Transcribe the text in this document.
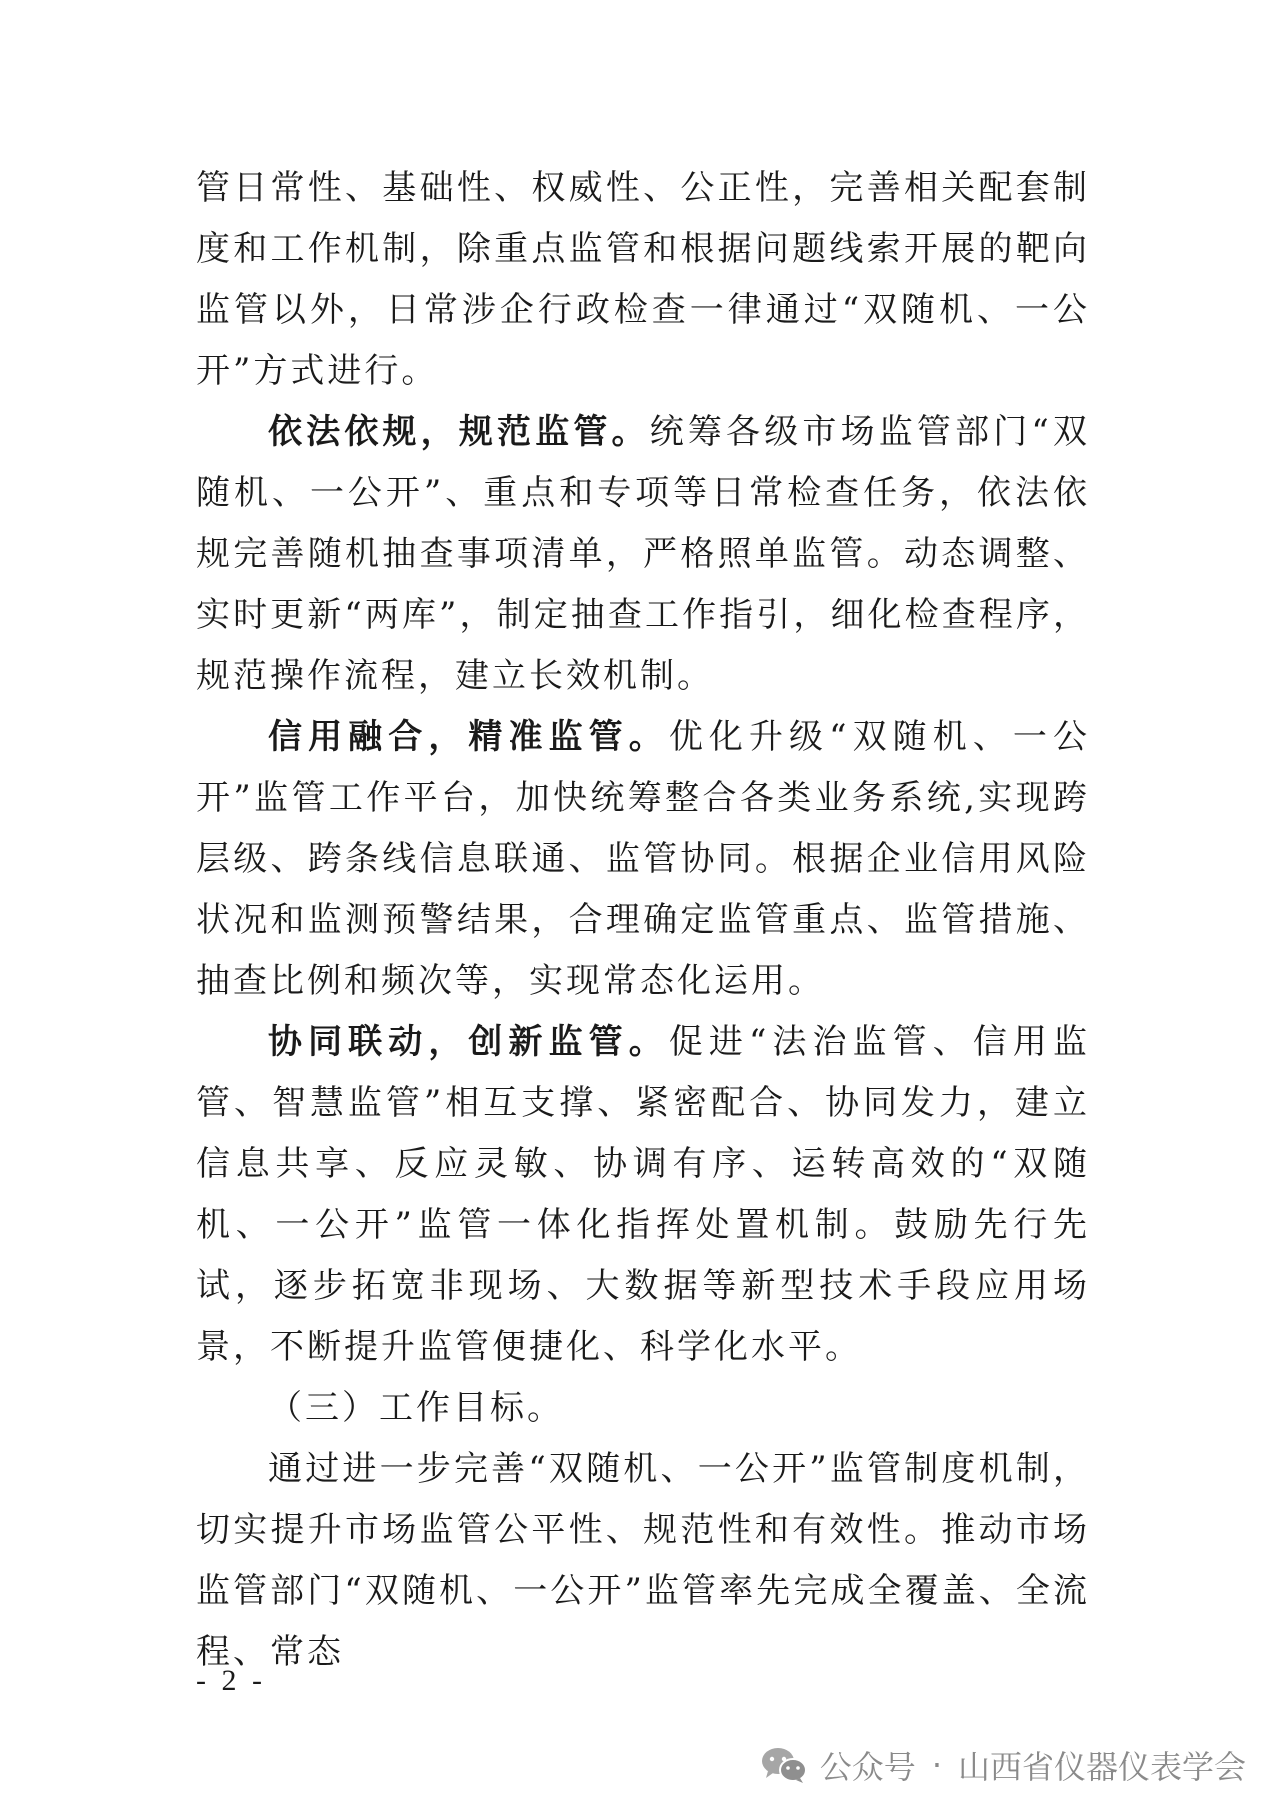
管日常性、基础性、权威性、公正性，完善相关配套制度和工作机制，除重点监管和根据问题线索开展的靶向监管以外，日常涉企行政检查一律通过“双随机、一公开”方式进行。

依法依规，规范监管。统筹各级市场监管部门“双随机、一公开”、重点和专项等日常检查任务，依法依规完善随机抽查事项清单，严格照单监管。动态调整、实时更新“两库”，制定抽查工作指引，细化检查程序，规范操作流程，建立长效机制。

信用融合，精准监管。优化升级“双随机、一公开”监管工作平台，加快统筹整合各类业务系统,实现跨层级、跨条线信息联通、监管协同。根据企业信用风险状况和监测预警结果，合理确定监管重点、监管措施、抽查比例和频次等，实现常态化运用。

协同联动，创新监管。促进“法治监管、信用监管、智慧监管”相互支撑、紧密配合、协同发力，建立信息共享、反应灵敏、协调有序、运转高效的“双随机、一公开”监管一体化指挥处置机制。鼓励先行先试，逐步拓宽非现场、大数据等新型技术手段应用场景，不断提升监管便捷化、科学化水平。

（三）工作目标。

通过进一步完善“双随机、一公开”监管制度机制，切实提升市场监管公平性、规范性和有效性。推动市场监管部门“双随机、一公开”监管率先完成全覆盖、全流程、常态

- 2 -
公众号 · 山西省仪器仪表学会
